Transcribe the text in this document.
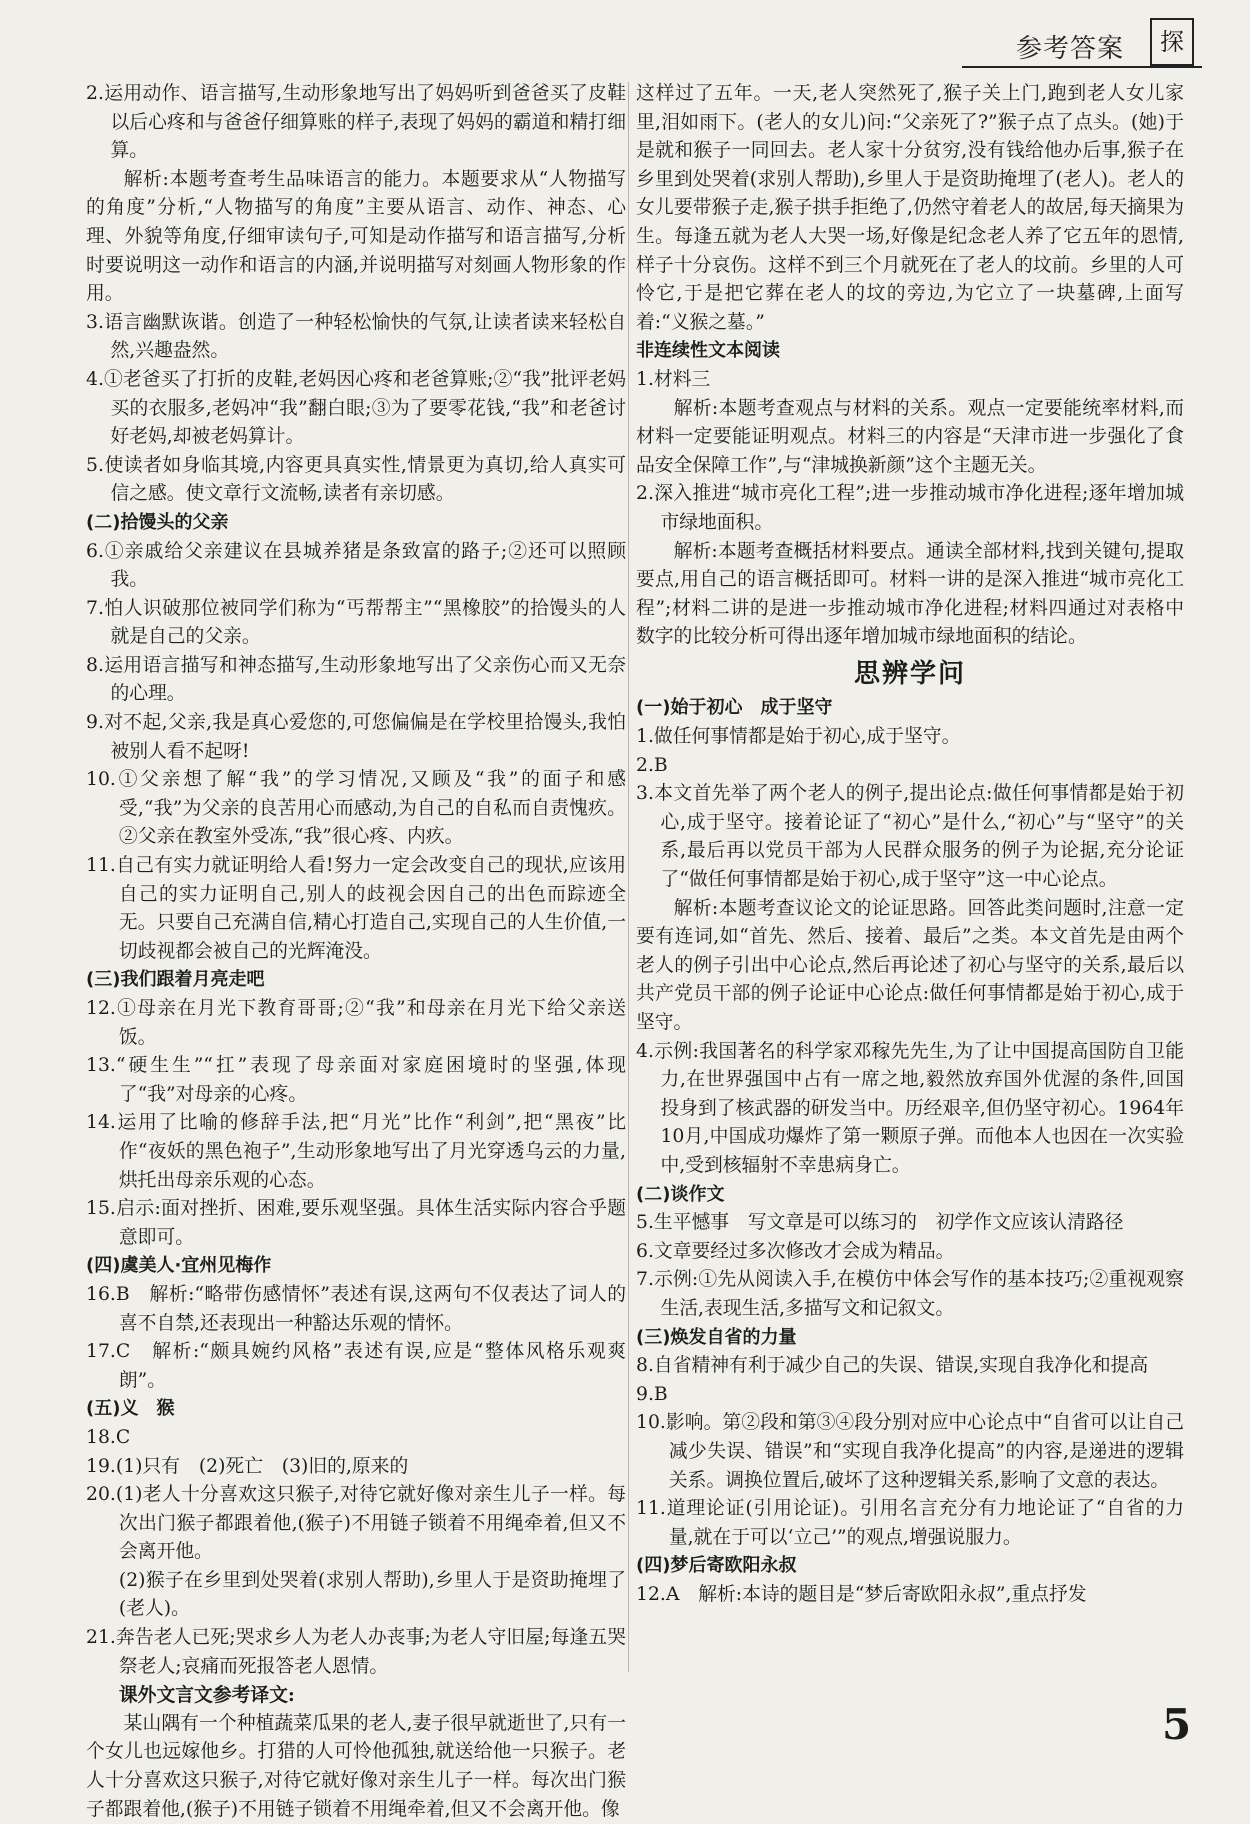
参考答案	探

2.运用动作、语言描写,生动形象地写出了妈妈听到爸爸买了皮鞋以后心疼和与爸爸仔细算账的样子,表现了妈妈的霸道和精打细算。

解析:本题考查考生品味语言的能力。本题要求从“人物描写的角度”分析,“人物描写的角度”主要从语言、动作、神态、心理、外貌等角度,仔细审读句子,可知是动作描写和语言描写,分析时要说明这一动作和语言的内涵,并说明描写对刻画人物形象的作用。

3.语言幽默诙谐。创造了一种轻松愉快的气氛,让读者读来轻松自然,兴趣盎然。

4.①老爸买了打折的皮鞋,老妈因心疼和老爸算账;②“我”批评老妈买的衣服多,老妈冲“我”翻白眼;③为了要零花钱,“我”和老爸讨好老妈,却被老妈算计。

5.使读者如身临其境,内容更具真实性,情景更为真切,给人真实可信之感。使文章行文流畅,读者有亲切感。

(二)拾馒头的父亲

6.①亲戚给父亲建议在县城养猪是条致富的路子;②还可以照顾我。

7.怕人识破那位被同学们称为“丐帮帮主”“黑橡胶”的拾馒头的人就是自己的父亲。

8.运用语言描写和神态描写,生动形象地写出了父亲伤心而又无奈的心理。

9.对不起,父亲,我是真心爱您的,可您偏偏是在学校里拾馒头,我怕被别人看不起呀!

10.①父亲想了解“我”的学习情况,又顾及“我”的面子和感受,“我”为父亲的良苦用心而感动,为自己的自私而自责愧疚。②父亲在教室外受冻,“我”很心疼、内疚。

11.自己有实力就证明给人看!努力一定会改变自己的现状,应该用自己的实力证明自己,别人的歧视会因自己的出色而踪迹全无。只要自己充满自信,精心打造自己,实现自己的人生价值,一切歧视都会被自己的光辉淹没。

(三)我们跟着月亮走吧

12.①母亲在月光下教育哥哥;②“我”和母亲在月光下给父亲送饭。

13.“硬生生”“扛”表现了母亲面对家庭困境时的坚强,体现了“我”对母亲的心疼。

14.运用了比喻的修辞手法,把“月光”比作“利剑”,把“黑夜”比作“夜妖的黑色袍子”,生动形象地写出了月光穿透乌云的力量,烘托出母亲乐观的心态。

15.启示:面对挫折、困难,要乐观坚强。具体生活实际内容合乎题意即可。

(四)虞美人·宜州见梅作

16.B　解析:“略带伤感情怀”表述有误,这两句不仅表达了词人的喜不自禁,还表现出一种豁达乐观的情怀。

17.C　解析:“颇具婉约风格”表述有误,应是“整体风格乐观爽朗”。

(五)义　猴

18.C

19.(1)只有　(2)死亡　(3)旧的,原来的

20.(1)老人十分喜欢这只猴子,对待它就好像对亲生儿子一样。每次出门猴子都跟着他,(猴子)不用链子锁着不用绳牵着,但又不会离开他。

(2)猴子在乡里到处哭着(求别人帮助),乡里人于是资助掩埋了(老人)。

21.奔告老人已死;哭求乡人为老人办丧事;为老人守旧屋;每逢五哭祭老人;哀痛而死报答老人恩情。

课外文言文参考译文:

某山隅有一个种植蔬菜瓜果的老人,妻子很早就逝世了,只有一个女儿也远嫁他乡。打猎的人可怜他孤独,就送给他一只猴子。老人十分喜欢这只猴子,对待它就好像对亲生儿子一样。每次出门猴子都跟着他,(猴子)不用链子锁着不用绳牵着,但又不会离开他。像

这样过了五年。一天,老人突然死了,猴子关上门,跑到老人女儿家里,泪如雨下。(老人的女儿)问:“父亲死了?”猴子点了点头。(她)于是就和猴子一同回去。老人家十分贫穷,没有钱给他办后事,猴子在乡里到处哭着(求别人帮助),乡里人于是资助掩埋了(老人)。老人的女儿要带猴子走,猴子拱手拒绝了,仍然守着老人的故居,每天摘果为生。每逢五就为老人大哭一场,好像是纪念老人养了它五年的恩情,样子十分哀伤。这样不到三个月就死在了老人的坟前。乡里的人可怜它,于是把它葬在老人的坟的旁边,为它立了一块墓碑,上面写着:“义猴之墓。”

非连续性文本阅读

1.材料三

解析:本题考查观点与材料的关系。观点一定要能统率材料,而材料一定要能证明观点。材料三的内容是“天津市进一步强化了食品安全保障工作”,与“津城换新颜”这个主题无关。

2.深入推进“城市亮化工程”;进一步推动城市净化进程;逐年增加城市绿地面积。

解析:本题考查概括材料要点。通读全部材料,找到关键句,提取要点,用自己的语言概括即可。材料一讲的是深入推进“城市亮化工程”;材料二讲的是进一步推动城市净化进程;材料四通过对表格中数字的比较分析可得出逐年增加城市绿地面积的结论。

思辨学问

(一)始于初心　成于坚守

1.做任何事情都是始于初心,成于坚守。

2.B

3.本文首先举了两个老人的例子,提出论点:做任何事情都是始于初心,成于坚守。接着论证了“初心”是什么,“初心”与“坚守”的关系,最后再以党员干部为人民群众服务的例子为论据,充分论证了“做任何事情都是始于初心,成于坚守”这一中心论点。

解析:本题考查议论文的论证思路。回答此类问题时,注意一定要有连词,如“首先、然后、接着、最后”之类。本文首先是由两个老人的例子引出中心论点,然后再论述了初心与坚守的关系,最后以共产党员干部的例子论证中心论点:做任何事情都是始于初心,成于坚守。

4.示例:我国著名的科学家邓稼先先生,为了让中国提高国防自卫能力,在世界强国中占有一席之地,毅然放弃国外优渥的条件,回国投身到了核武器的研发当中。历经艰辛,但仍坚守初心。1964年10月,中国成功爆炸了第一颗原子弹。而他本人也因在一次实验中,受到核辐射不幸患病身亡。

(二)谈作文

5.生平憾事　写文章是可以练习的　初学作文应该认清路径

6.文章要经过多次修改才会成为精品。

7.示例:①先从阅读入手,在模仿中体会写作的基本技巧;②重视观察生活,表现生活,多描写文和记叙文。

(三)焕发自省的力量

8.自省精神有利于减少自己的失误、错误,实现自我净化和提高

9.B

10.影响。第②段和第③④段分别对应中心论点中“自省可以让自己减少失误、错误”和“实现自我净化提高”的内容,是递进的逻辑关系。调换位置后,破坏了这种逻辑关系,影响了文意的表达。

11.道理论证(引用论证)。引用名言充分有力地论证了“自省的力量,就在于可以‘立己’”的观点,增强说服力。

(四)梦后寄欧阳永叔

12.A　解析:本诗的题目是“梦后寄欧阳永叔”,重点抒发

5
